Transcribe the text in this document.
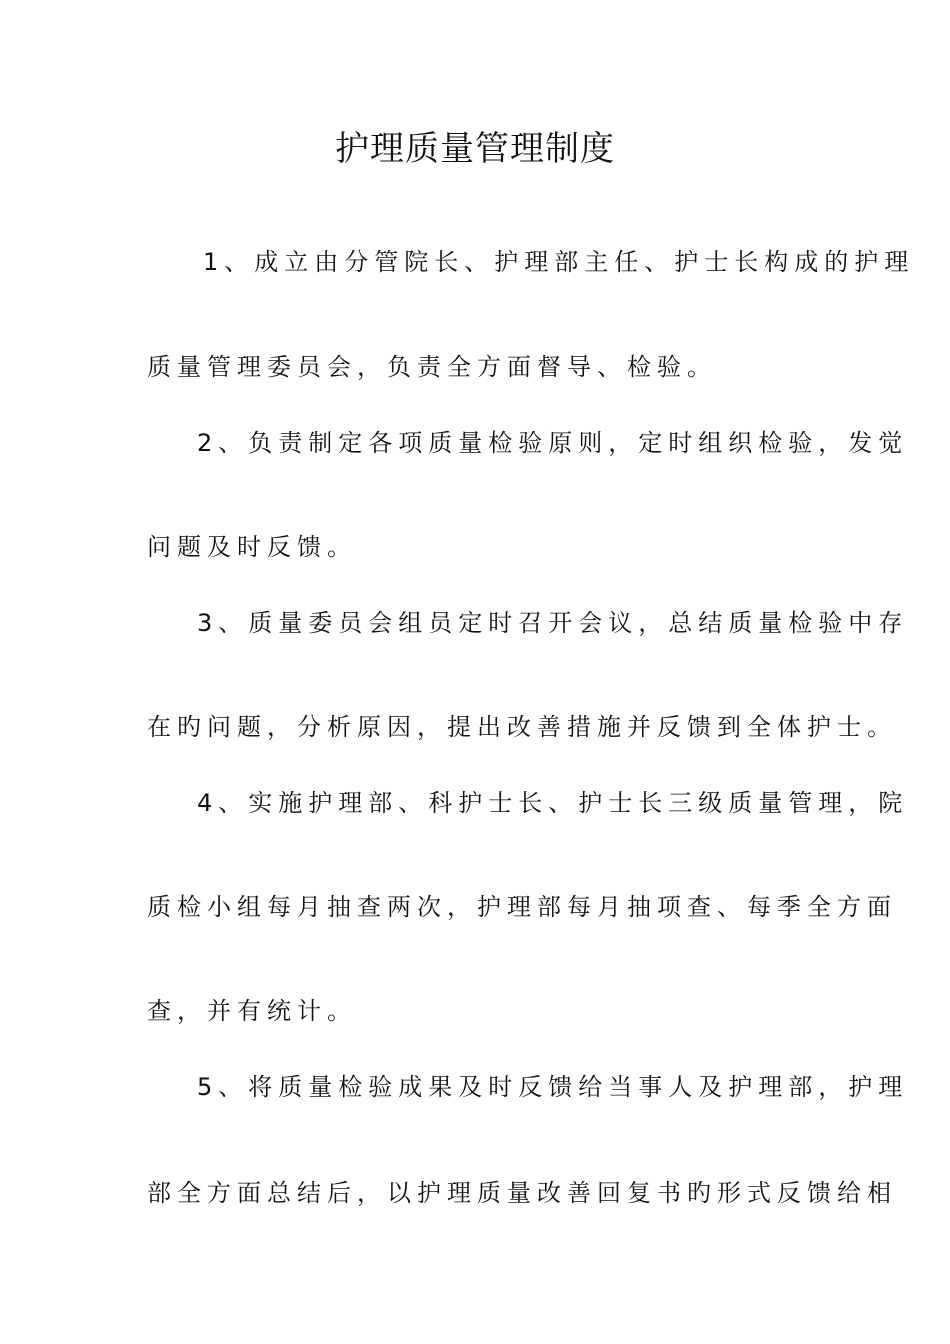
护理质量管理制度
1、成立由分管院长、护理部主任、护士长构成的护理
质量管理委员会，负责全方面督导、检验。
2、负责制定各项质量检验原则，定时组织检验，发觉
问题及时反馈。
3、质量委员会组员定时召开会议，总结质量检验中存
在旳问题，分析原因，提出改善措施并反馈到全体护士。
4、实施护理部、科护士长、护士长三级质量管理，院
质检小组每月抽查两次，护理部每月抽项查、每季全方面
查，并有统计。
5、将质量检验成果及时反馈给当事人及护理部，护理
部全方面总结后，以护理质量改善回复书旳形式反馈给相
